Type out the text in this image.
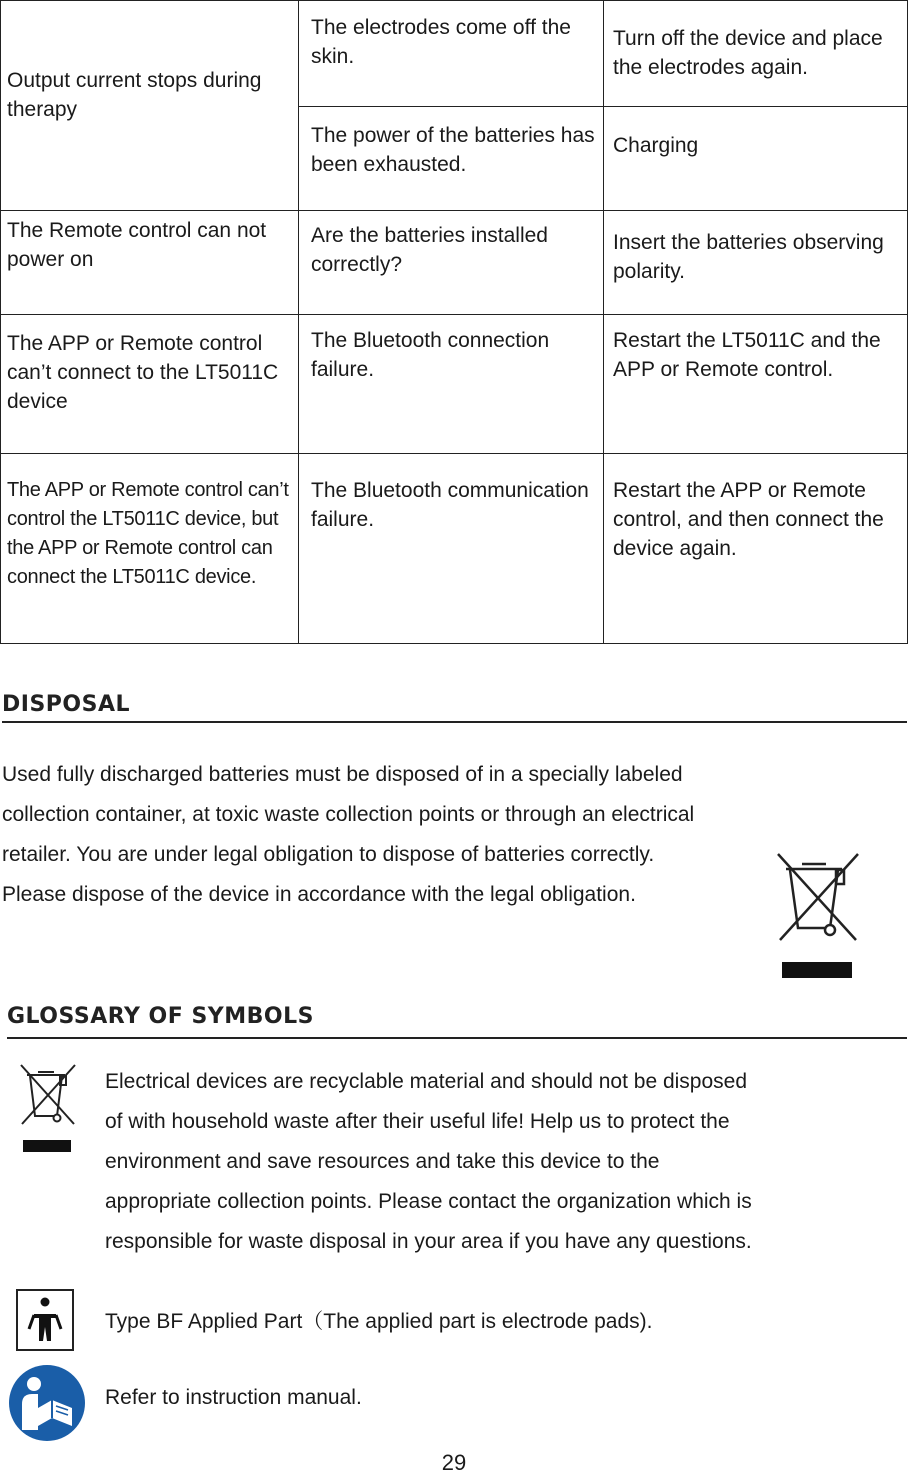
Output current stops during therapy	The electrodes come off the skin.	Turn off the device and place the electrodes again.
	The power of the batteries has been exhausted.	Charging
The Remote control can not power on	Are the batteries installed correctly?	Insert the batteries observing polarity.
The APP or Remote control can’t connect to the LT5011C device	The Bluetooth connection failure.	Restart the LT5011C and the APP or Remote control.
The APP or Remote control can’t control the LT5011C device, but the APP or Remote control can connect the LT5011C device.	The Bluetooth communication failure.	Restart the APP or Remote control, and then connect the device again.
DISPOSAL

Used fully discharged batteries must be disposed of in a specially labeled

collection container, at toxic waste collection points or through an electrical

retailer. You are under legal obligation to dispose of batteries correctly.

Please dispose of the device in accordance with the legal obligation.

GLOSSARY OF SYMBOLS

Electrical devices are recyclable material and should not be disposed

of with household waste after their useful life! Help us to protect the

environment and save resources and take this device to the

appropriate collection points. Please contact the organization which is

responsible for waste disposal in your area if you have any questions.

Type BF Applied Part（The applied part is electrode pads).
Refer to instruction manual.
29
